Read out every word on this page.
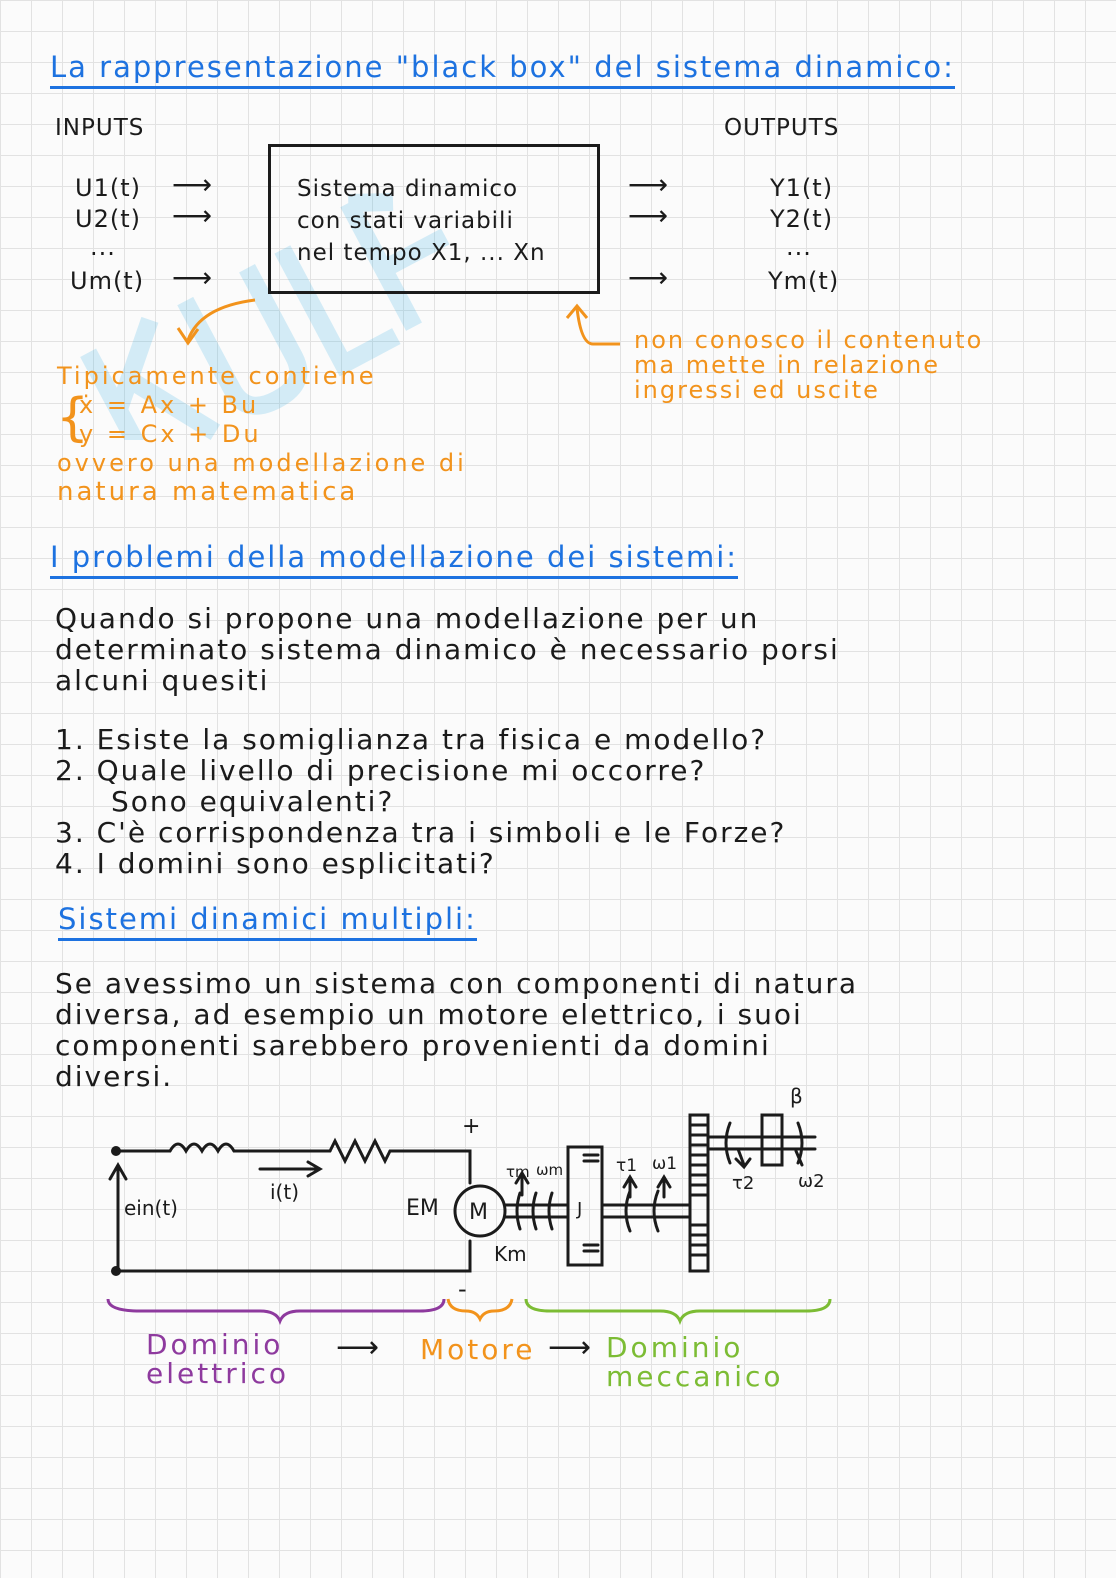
La rappresentazione "black box" del sistema dinamico:
INPUTS	OUTPUTS
U1(t)
U2(t)
...
Um(t)
⟶
⟶
⟶
Sistema dinamico
con stati variabili
nel tempo X1, ... Xn
⟶
⟶
⟶
Y1(t)
Y2(t)
...
Ym(t)
non conosco il contenuto
ma mette in relazione
ingressi ed uscite
Tipicamente contiene
ẋ = Ax + Bu
y = Cx + Du
ovvero una modellazione di
natura matematica
{
I problemi della modellazione dei sistemi:
Quando si propone una modellazione per un
determinato sistema dinamico è necessario porsi
alcuni quesiti
1. Esiste la somiglianza tra fisica e modello?
2. Quale livello di precisione mi occorre?
Sono equivalenti?
3. C'è corrispondenza tra i simboli e le Forze?
4. I domini sono esplicitati?
Sistemi dinamici multipli:
Se avessimo un sistema con componenti di natura
diversa, ad esempio un motore elettrico, i suoi
componenti sarebbero provenienti da domini
diversi.
+
-
i(t)
ein(t)	EM M
Km
τm ωm
J
τ1 ω1
τ2 ω2
β
Dominio
elettrico
⟶ Motore ⟶ Dominio
meccanico
